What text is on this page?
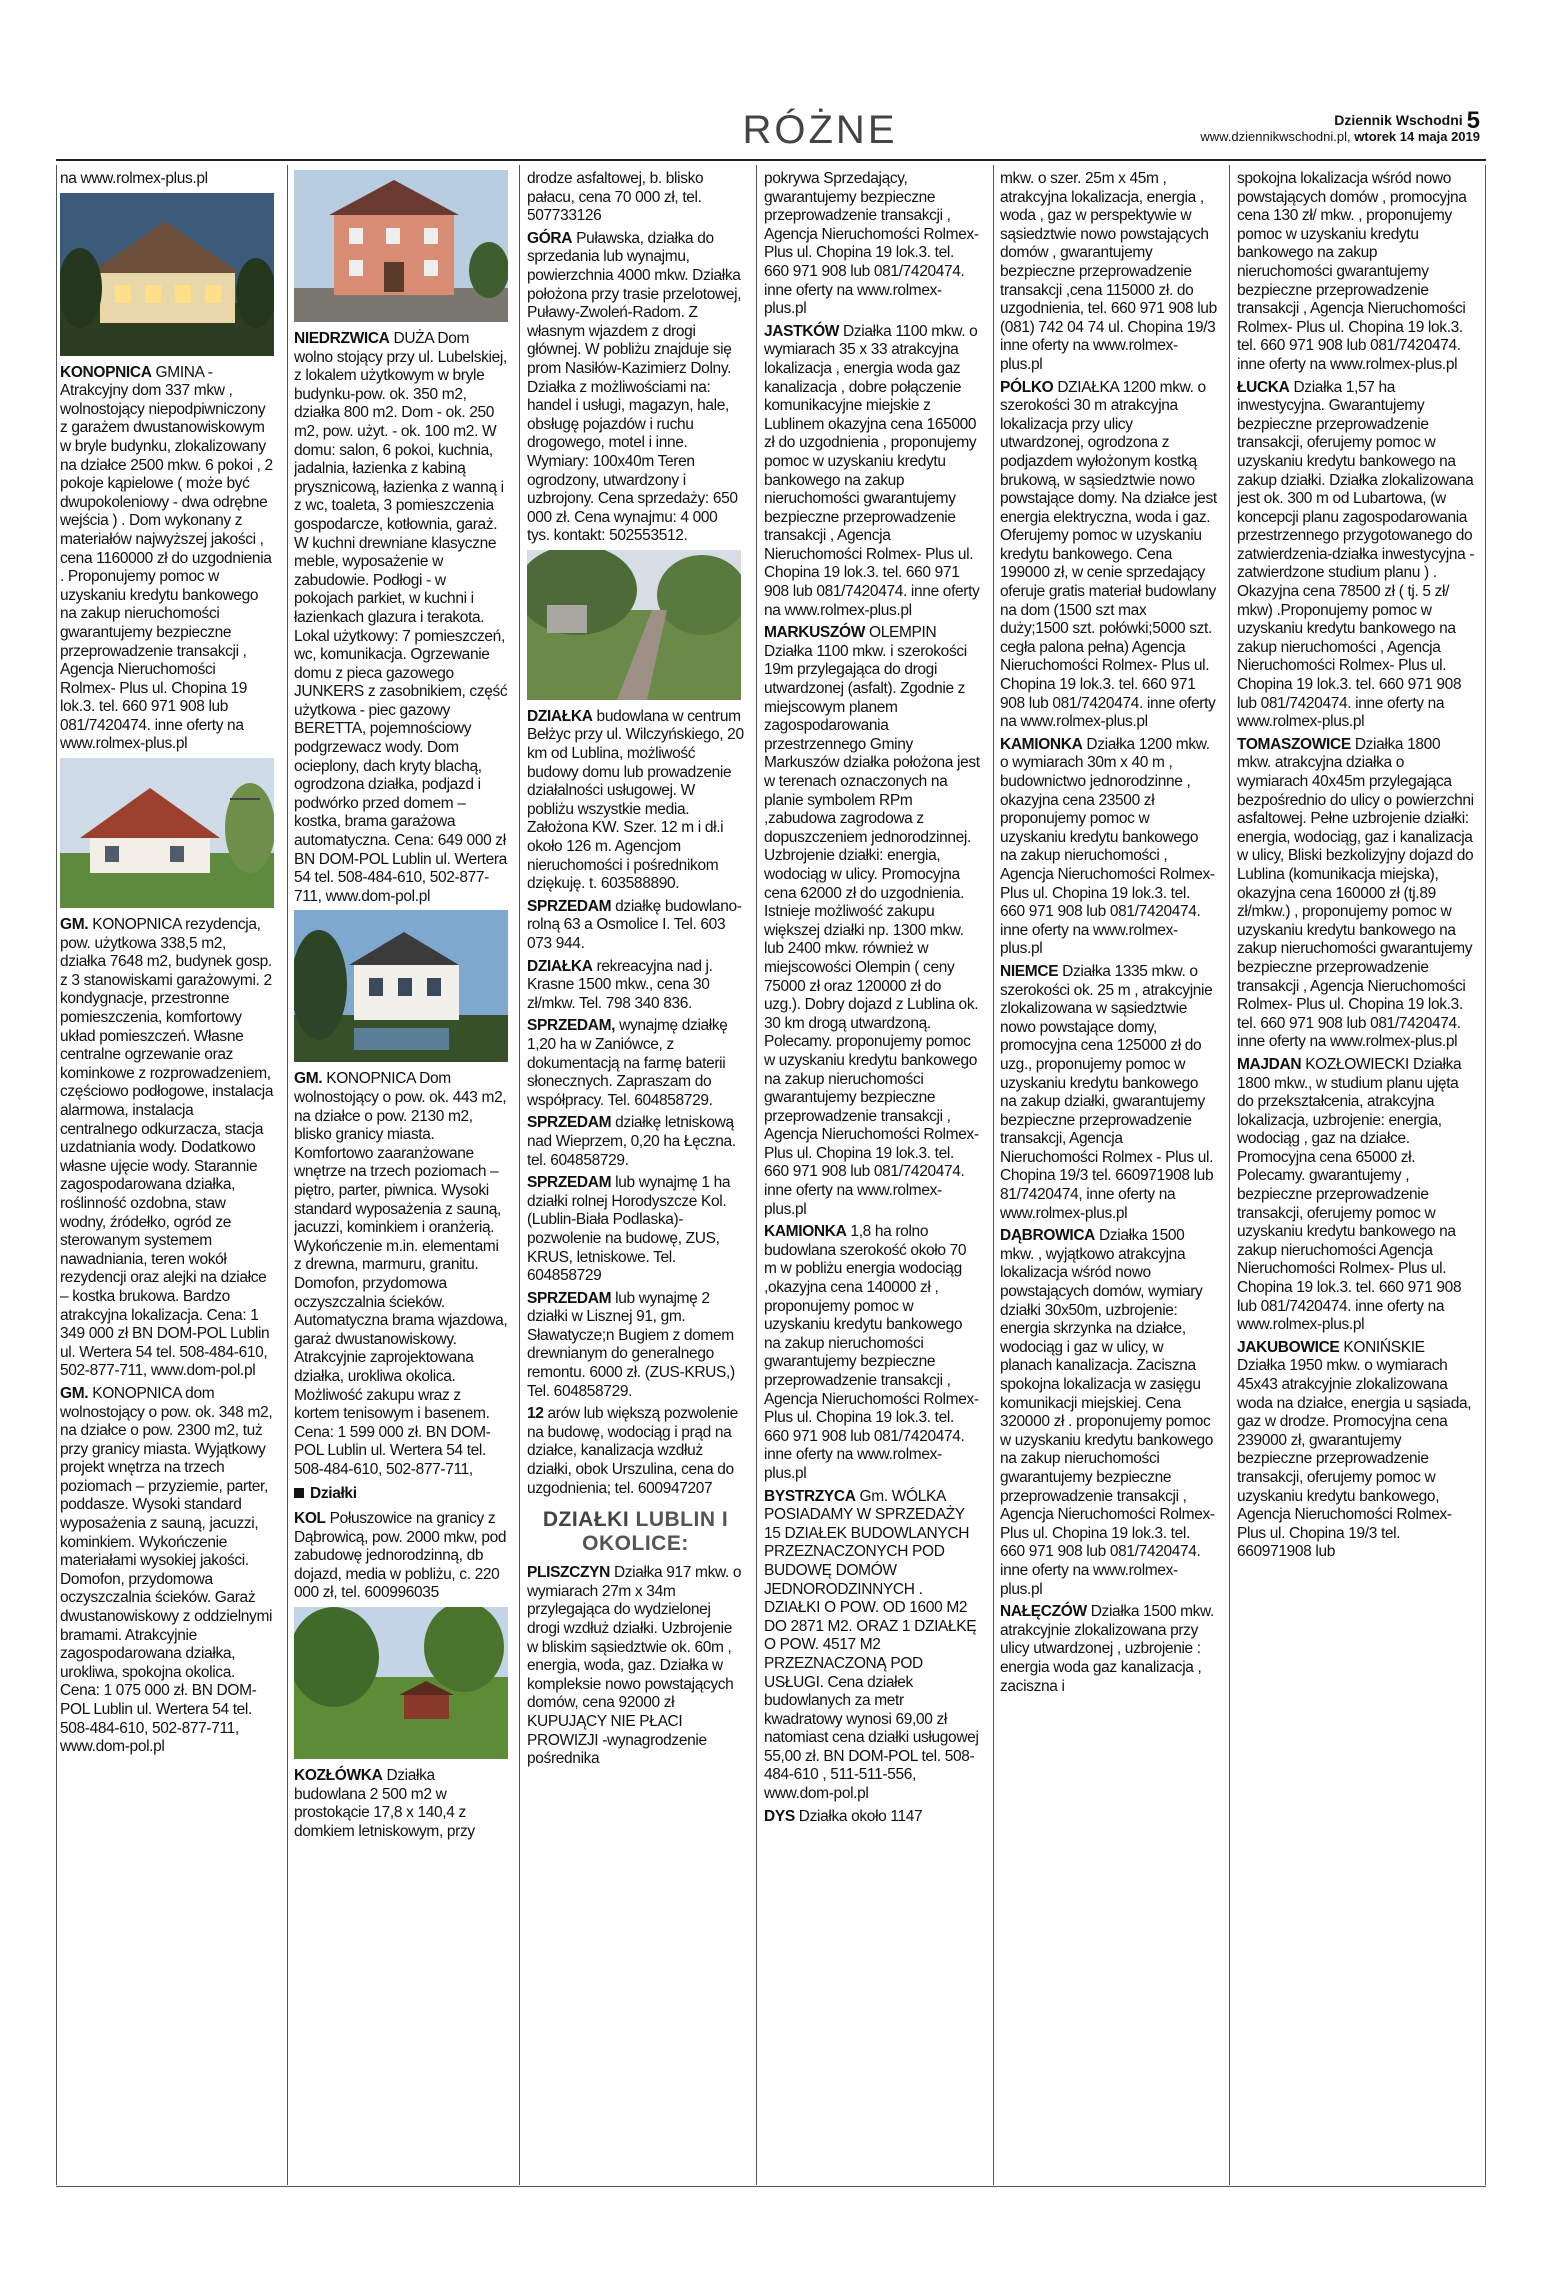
RÓŻNE	Dziennik Wschodni 5
www.dziennikwschodni.pl, wtorek 14 maja 2019

na www.rolmex-plus.pl

KONOPNICA GMINA - Atrakcyjny dom 337 mkw , wolnostojący niepodpiwniczony z garażem dwustanowiskowym w bryle budynku, zlokalizowany na działce 2500 mkw. 6 pokoi , 2 pokoje kąpielowe ( może być dwupokoleniowy - dwa odrębne wejścia ) . Dom wykonany z materiałów najwyższej jakości , cena 1160000 zł do uzgodnienia . Proponujemy pomoc w uzyskaniu kredytu bankowego na zakup nieruchomości gwarantujemy bezpieczne przeprowadzenie transakcji , Agencja Nieruchomości Rolmex- Plus ul. Chopina 19 lok.3. tel. 660 971 908 lub 081/7420474. inne oferty na www.rolmex-plus.pl

GM. KONOPNICA rezydencja, pow. użytkowa 338,5 m2, działka 7648 m2, budynek gosp. z 3 stanowiskami garażowymi. 2 kondygnacje, przestronne pomieszczenia, komfortowy układ pomieszczeń. Własne centralne ogrzewanie oraz kominkowe z rozprowadzeniem, częściowo podłogowe, instalacja alarmowa, instalacja centralnego odkurzacza, stacja uzdatniania wody. Dodatkowo własne ujęcie wody. Starannie zagospodarowana działka, roślinność ozdobna, staw wodny, źródełko, ogród ze sterowanym systemem nawadniania, teren wokół rezydencji oraz alejki na działce – kostka brukowa. Bardzo atrakcyjna lokalizacja. Cena: 1 349 000 zł BN DOM-POL Lublin ul. Wertera 54 tel. 508-484-610, 502-877-711, www.dom-pol.pl

GM. KONOPNICA dom wolnostojący o pow. ok. 348 m2, na działce o pow. 2300 m2, tuż przy granicy miasta. Wyjątkowy projekt wnętrza na trzech poziomach – przyziemie, parter, poddasze. Wysoki standard wyposażenia z sauną, jacuzzi, kominkiem. Wykończenie materiałami wysokiej jakości. Domofon, przydomowa oczyszczalnia ścieków. Garaż dwustanowiskowy z oddzielnymi bramami. Atrakcyjnie zagospodarowana działka, urokliwa, spokojna okolica. Cena: 1 075 000 zł. BN DOM-POL Lublin ul. Wertera 54 tel. 508-484-610, 502-877-711, www.dom-pol.pl

NIEDRZWICA DUŻA Dom wolno stojący przy ul. Lubelskiej, z lokalem użytkowym w bryle budynku-pow. ok. 350 m2, działka 800 m2. Dom - ok. 250 m2, pow. użyt. - ok. 100 m2. W domu: salon, 6 pokoi, kuchnia, jadalnia, łazienka z kabiną prysznicową, łazienka z wanną i z wc, toaleta, 3 pomieszczenia gospodarcze, kotłownia, garaż. W kuchni drewniane klasyczne meble, wyposażenie w zabudowie. Podłogi - w pokojach parkiet, w kuchni i łazienkach glazura i terakota. Lokal użytkowy: 7 pomieszczeń, wc, komunikacja. Ogrzewanie domu z pieca gazowego JUNKERS z zasobnikiem, część użytkowa - piec gazowy BERETTA, pojemnościowy podgrzewacz wody. Dom ocieplony, dach kryty blachą, ogrodzona działka, podjazd i podwórko przed domem – kostka, brama garażowa automatyczna. Cena: 649 000 zł BN DOM-POL Lublin ul. Wertera 54 tel. 508-484-610, 502-877-711, www.dom-pol.pl

GM. KONOPNICA Dom wolnostojący o pow. ok. 443 m2, na działce o pow. 2130 m2, blisko granicy miasta. Komfortowo zaaranżowane wnętrze na trzech poziomach – piętro, parter, piwnica. Wysoki standard wyposażenia z sauną, jacuzzi, kominkiem i oranżerią. Wykończenie m.in. elementami z drewna, marmuru, granitu. Domofon, przydomowa oczyszczalnia ścieków. Automatyczna brama wjazdowa, garaż dwustanowiskowy. Atrakcyjnie zaprojektowana działka, urokliwa okolica. Możliwość zakupu wraz z kortem tenisowym i basenem. Cena: 1 599 000 zł. BN DOM-POL Lublin ul. Wertera 54 tel. 508-484-610, 502-877-711,

Działki

KOL Połuszowice na granicy z Dąbrowicą, pow. 2000 mkw, pod zabudowę jednorodzinną, db dojazd, media w pobliżu, c. 220 000 zł, tel. 600996035

KOZŁÓWKA Działka budowlana 2 500 m2 w prostokącie 17,8 x 140,4 z domkiem letniskowym, przy

drodze asfaltowej, b. blisko pałacu, cena 70 000 zł, tel. 507733126

GÓRA Puławska, działka do sprzedania lub wynajmu, powierzchnia 4000 mkw. Działka położona przy trasie przelotowej, Puławy-Zwoleń-Radom. Z własnym wjazdem z drogi głównej. W pobliżu znajduje się prom Nasiłów-Kazimierz Dolny. Działka z możliwościami na: handel i usługi, magazyn, hale, obsługę pojazdów i ruchu drogowego, motel i inne. Wymiary: 100x40m Teren ogrodzony, utwardzony i uzbrojony. Cena sprzedaży: 650 000 zł. Cena wynajmu: 4 000 tys. kontakt: 502553512.

DZIAŁKA budowlana w centrum Bełżyc przy ul. Wilczyńskiego, 20 km od Lublina, możliwość budowy domu lub prowadzenie działalności usługowej. W pobliżu wszystkie media. Założona KW. Szer. 12 m i dł.i około 126 m. Agencjom nieruchomości i pośrednikom dziękuję. t. 603588890.

SPRZEDAM działkę budowlano-rolną 63 a Osmolice I. Tel. 603 073 944.

DZIAŁKA rekreacyjna nad j. Krasne 1500 mkw., cena 30 zł/mkw. Tel. 798 340 836.

SPRZEDAM, wynajmę działkę 1,20 ha w Zaniówce, z dokumentacją na farmę baterii słonecznych. Zapraszam do współpracy. Tel. 604858729.

SPRZEDAM działkę letniskową nad Wieprzem, 0,20 ha Łęczna. tel. 604858729.

SPRZEDAM lub wynajmę 1 ha działki rolnej Horodyszcze Kol. (Lublin-Biała Podlaska)-pozwolenie na budowę, ZUS, KRUS, letniskowe. Tel. 604858729

SPRZEDAM lub wynajmę 2 działki w Lisznej 91, gm. Sławatycze;n Bugiem z domem drewnianym do generalnego remontu. 6000 zł. (ZUS-KRUS,) Tel. 604858729.

12 arów lub większą pozwolenie na budowę, wodociąg i prąd na działce, kanalizacja wzdłuż działki, obok Urszulina, cena do uzgodnienia; tel. 600947207

DZIAŁKI LUBLIN I OKOLICE:

PLISZCZYN Działka 917 mkw. o wymiarach 27m x 34m przylegająca do wydzielonej drogi wzdłuż działki. Uzbrojenie w bliskim sąsiedztwie ok. 60m , energia, woda, gaz. Działka w kompleksie nowo powstających domów, cena 92000 zł KUPUJĄCY NIE PŁACI PROWIZJI -wynagrodzenie pośrednika

pokrywa Sprzedający, gwarantujemy bezpieczne przeprowadzenie transakcji , Agencja Nieruchomości Rolmex- Plus ul. Chopina 19 lok.3. tel. 660 971 908 lub 081/7420474. inne oferty na www.rolmex-plus.pl

JASTKÓW Działka 1100 mkw. o wymiarach 35 x 33 atrakcyjna lokalizacja , energia woda gaz kanalizacja , dobre połączenie komunikacyjne miejskie z Lublinem okazyjna cena 165000 zł do uzgodnienia , proponujemy pomoc w uzyskaniu kredytu bankowego na zakup nieruchomości gwarantujemy bezpieczne przeprowadzenie transakcji , Agencja Nieruchomości Rolmex- Plus ul. Chopina 19 lok.3. tel. 660 971 908 lub 081/7420474. inne oferty na www.rolmex-plus.pl

MARKUSZÓW OLEMPIN Działka 1100 mkw. i szerokości 19m przylegająca do drogi utwardzonej (asfalt). Zgodnie z miejscowym planem zagospodarowania przestrzennego Gminy Markuszów działka położona jest w terenach oznaczonych na planie symbolem RPm ,zabudowa zagrodowa z dopuszczeniem jednorodzinnej. Uzbrojenie działki: energia, wodociąg w ulicy. Promocyjna cena 62000 zł do uzgodnienia. Istnieje możliwość zakupu większej działki np. 1300 mkw. lub 2400 mkw. również w miejscowości Olempin ( ceny 75000 zł oraz 120000 zł do uzg.). Dobry dojazd z Lublina ok. 30 km drogą utwardzoną. Polecamy. proponujemy pomoc w uzyskaniu kredytu bankowego na zakup nieruchomości gwarantujemy bezpieczne przeprowadzenie transakcji , Agencja Nieruchomości Rolmex- Plus ul. Chopina 19 lok.3. tel. 660 971 908 lub 081/7420474. inne oferty na www.rolmex-plus.pl

KAMIONKA 1,8 ha rolno budowlana szerokość około 70 m w pobliżu energia wodociąg ,okazyjna cena 140000 zł , proponujemy pomoc w uzyskaniu kredytu bankowego na zakup nieruchomości gwarantujemy bezpieczne przeprowadzenie transakcji , Agencja Nieruchomości Rolmex- Plus ul. Chopina 19 lok.3. tel. 660 971 908 lub 081/7420474. inne oferty na www.rolmex-plus.pl

BYSTRZYCA Gm. WÓLKA POSIADAMY W SPRZEDAŻY 15 DZIAŁEK BUDOWLANYCH PRZEZNACZONYCH POD BUDOWĘ DOMÓW JEDNORODZINNYCH . DZIAŁKI O POW. OD 1600 M2 DO 2871 M2. ORAZ 1 DZIAŁKĘ O POW. 4517 M2 PRZEZNACZONĄ POD USŁUGI. Cena działek budowlanych za metr kwadratowy wynosi 69,00 zł natomiast cena działki usługowej 55,00 zł. BN DOM-POL tel. 508-484-610 , 511-511-556, www.dom-pol.pl

DYS Działka około 1147

mkw. o szer. 25m x 45m , atrakcyjna lokalizacja, energia , woda , gaz w perspektywie w sąsiedztwie nowo powstających domów , gwarantujemy bezpieczne przeprowadzenie transakcji ,cena 115000 zł. do uzgodnienia, tel. 660 971 908 lub (081) 742 04 74 ul. Chopina 19/3 inne oferty na www.rolmex-plus.pl

PÓLKO DZIAŁKA 1200 mkw. o szerokości 30 m atrakcyjna lokalizacja przy ulicy utwardzonej, ogrodzona z podjazdem wyłożonym kostką brukową, w sąsiedztwie nowo powstające domy. Na działce jest energia elektryczna, woda i gaz. Oferujemy pomoc w uzyskaniu kredytu bankowego. Cena 199000 zł, w cenie sprzedający oferuje gratis materiał budowlany na dom (1500 szt max duży;1500 szt. połówki;5000 szt. cegła palona pełna) Agencja Nieruchomości Rolmex- Plus ul. Chopina 19 lok.3. tel. 660 971 908 lub 081/7420474. inne oferty na www.rolmex-plus.pl

KAMIONKA Działka 1200 mkw. o wymiarach 30m x 40 m , budownictwo jednorodzinne , okazyjna cena 23500 zł proponujemy pomoc w uzyskaniu kredytu bankowego na zakup nieruchomości , Agencja Nieruchomości Rolmex- Plus ul. Chopina 19 lok.3. tel. 660 971 908 lub 081/7420474. inne oferty na www.rolmex-plus.pl

NIEMCE Działka 1335 mkw. o szerokości ok. 25 m , atrakcyjnie zlokalizowana w sąsiedztwie nowo powstające domy, promocyjna cena 125000 zł do uzg., proponujemy pomoc w uzyskaniu kredytu bankowego na zakup działki, gwarantujemy bezpieczne przeprowadzenie transakcji, Agencja Nieruchomości Rolmex - Plus ul. Chopina 19/3 tel. 660971908 lub 81/7420474, inne oferty na www.rolmex-plus.pl

DĄBROWICA Działka 1500 mkw. , wyjątkowo atrakcyjna lokalizacja wśród nowo powstających domów, wymiary działki 30x50m, uzbrojenie: energia skrzynka na działce, wodociąg i gaz w ulicy, w planach kanalizacja. Zaciszna spokojna lokalizacja w zasięgu komunikacji miejskiej. Cena 320000 zł . proponujemy pomoc w uzyskaniu kredytu bankowego na zakup nieruchomości gwarantujemy bezpieczne przeprowadzenie transakcji , Agencja Nieruchomości Rolmex- Plus ul. Chopina 19 lok.3. tel. 660 971 908 lub 081/7420474. inne oferty na www.rolmex-plus.pl

NAŁĘCZÓW Działka 1500 mkw. atrakcyjnie zlokalizowana przy ulicy utwardzonej , uzbrojenie : energia woda gaz kanalizacja , zaciszna i

spokojna lokalizacja wśród nowo powstających domów , promocyjna cena 130 zł/ mkw. , proponujemy pomoc w uzyskaniu kredytu bankowego na zakup nieruchomości gwarantujemy bezpieczne przeprowadzenie transakcji , Agencja Nieruchomości Rolmex- Plus ul. Chopina 19 lok.3. tel. 660 971 908 lub 081/7420474. inne oferty na www.rolmex-plus.pl

ŁUCKA Działka 1,57 ha inwestycyjna. Gwarantujemy bezpieczne przeprowadzenie transakcji, oferujemy pomoc w uzyskaniu kredytu bankowego na zakup działki. Działka zlokalizowana jest ok. 300 m od Lubartowa, (w koncepcji planu zagospodarowania przestrzennego przygotowanego do zatwierdzenia-działka inwestycyjna - zatwierdzone studium planu ) . Okazyjna cena 78500 zł ( tj. 5 zł/ mkw) .Proponujemy pomoc w uzyskaniu kredytu bankowego na zakup nieruchomości , Agencja Nieruchomości Rolmex- Plus ul. Chopina 19 lok.3. tel. 660 971 908 lub 081/7420474. inne oferty na www.rolmex-plus.pl

TOMASZOWICE Działka 1800 mkw. atrakcyjna działka o wymiarach 40x45m przylegająca bezpośrednio do ulicy o powierzchni asfaltowej. Pełne uzbrojenie działki: energia, wodociąg, gaz i kanalizacja w ulicy, Bliski bezkolizyjny dojazd do Lublina (komunikacja miejska), okazyjna cena 160000 zł (tj.89 zł/mkw.) , proponujemy pomoc w uzyskaniu kredytu bankowego na zakup nieruchomości gwarantujemy bezpieczne przeprowadzenie transakcji , Agencja Nieruchomości Rolmex- Plus ul. Chopina 19 lok.3. tel. 660 971 908 lub 081/7420474. inne oferty na www.rolmex-plus.pl

MAJDAN KOZŁOWIECKI Działka 1800 mkw., w studium planu ujęta do przekształcenia, atrakcyjna lokalizacja, uzbrojenie: energia, wodociąg , gaz na działce. Promocyjna cena 65000 zł. Polecamy. gwarantujemy , bezpieczne przeprowadzenie transakcji, oferujemy pomoc w uzyskaniu kredytu bankowego na zakup nieruchomości Agencja Nieruchomości Rolmex- Plus ul. Chopina 19 lok.3. tel. 660 971 908 lub 081/7420474. inne oferty na www.rolmex-plus.pl

JAKUBOWICE KONIŃSKIE Działka 1950 mkw. o wymiarach 45x43 atrakcyjnie zlokalizowana woda na działce, energia u sąsiada, gaz w drodze. Promocyjna cena 239000 zł, gwarantujemy bezpieczne przeprowadzenie transakcji, oferujemy pomoc w uzyskaniu kredytu bankowego, Agencja Nieruchomości Rolmex-Plus ul. Chopina 19/3 tel. 660971908 lub
